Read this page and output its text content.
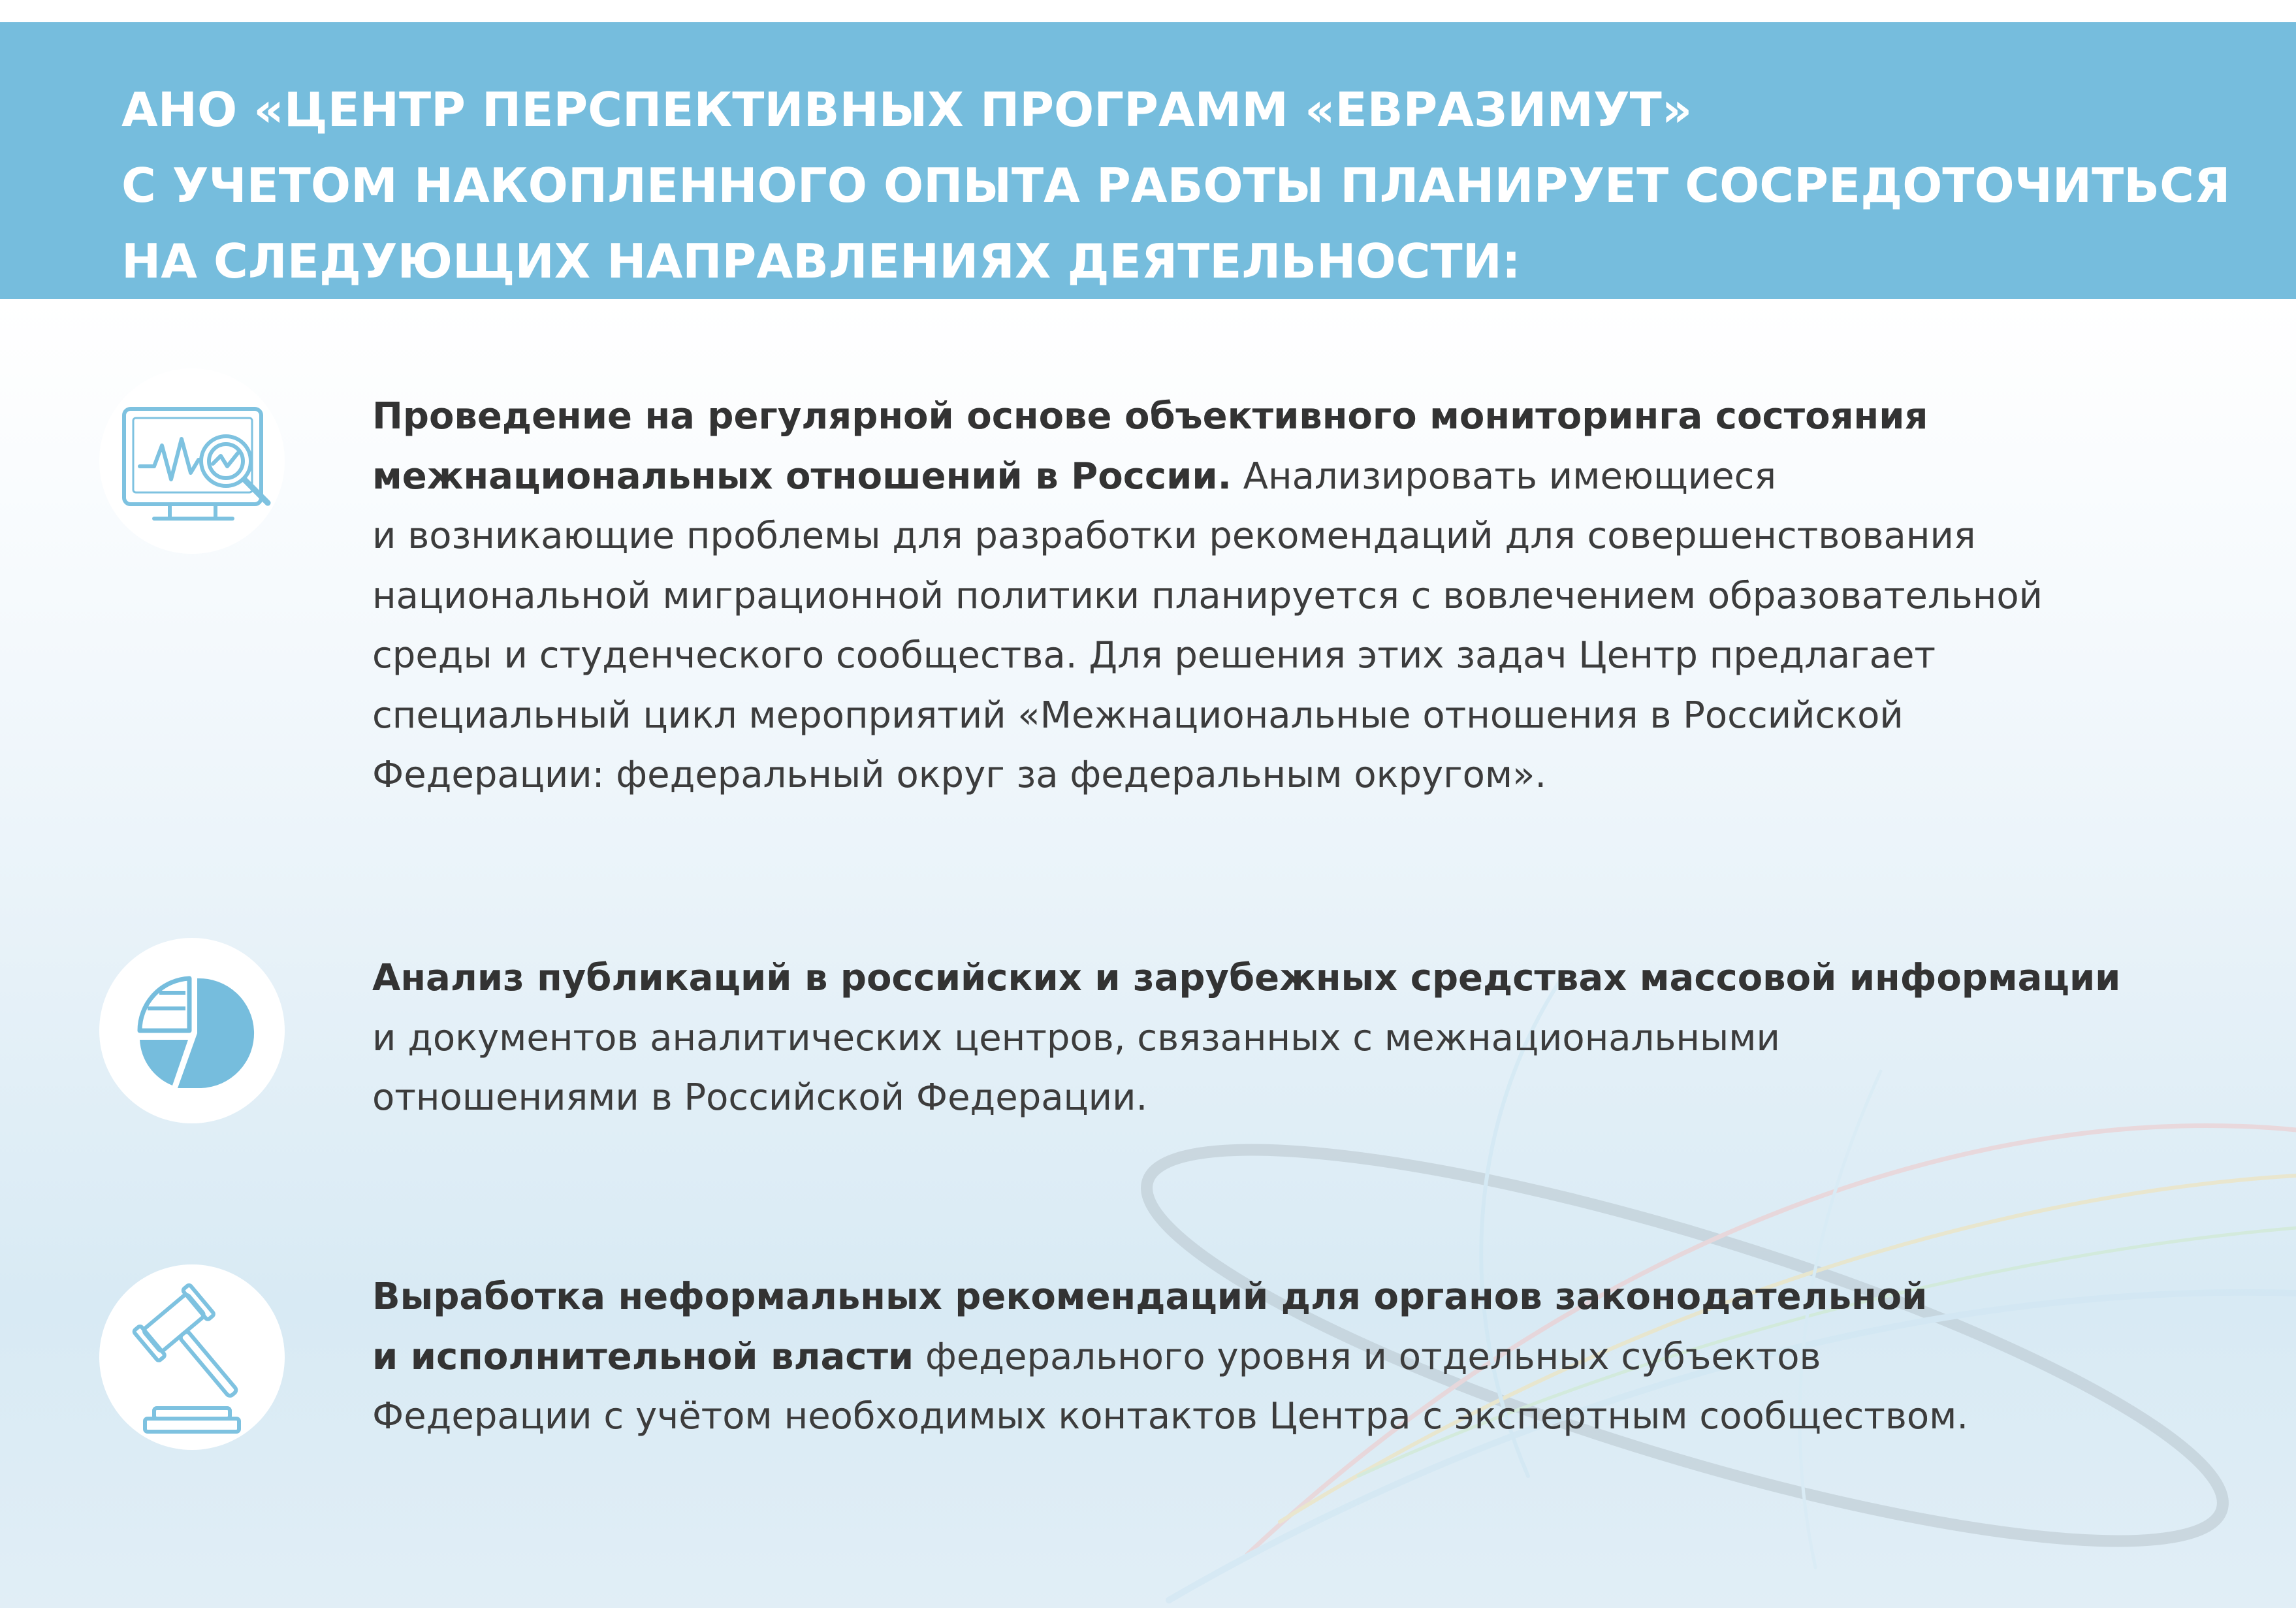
АНО «ЦЕНТР ПЕРСПЕКТИВНЫХ ПРОГРАММ «ЕВРАЗИМУТ»
С УЧЕТОМ НАКОПЛЕННОГО ОПЫТА РАБОТЫ ПЛАНИРУЕТ СОСРЕДОТОЧИТЬСЯ
НА СЛЕДУЮЩИХ НАПРАВЛЕНИЯХ ДЕЯТЕЛЬНОСТИ:

Проведение на регулярной основе объективного мониторинга состояния
межнациональных отношений в России. Анализировать имеющиеся
и возникающие проблемы для разработки рекомендаций для совершенствования
национальной миграционной политики планируется с вовлечением образовательной
среды и студенческого сообщества. Для решения этих задач Центр предлагает
специальный цикл мероприятий «Межнациональные отношения в Российской
Федерации: федеральный округ за федеральным округом».

Анализ публикаций в российских и зарубежных средствах массовой информации
и документов аналитических центров, связанных с межнациональными
отношениями в Российской Федерации.

Выработка неформальных рекомендаций для органов законодательной
и исполнительной власти федерального уровня и отдельных субъектов
Федерации с учётом необходимых контактов Центра с экспертным сообществом.
